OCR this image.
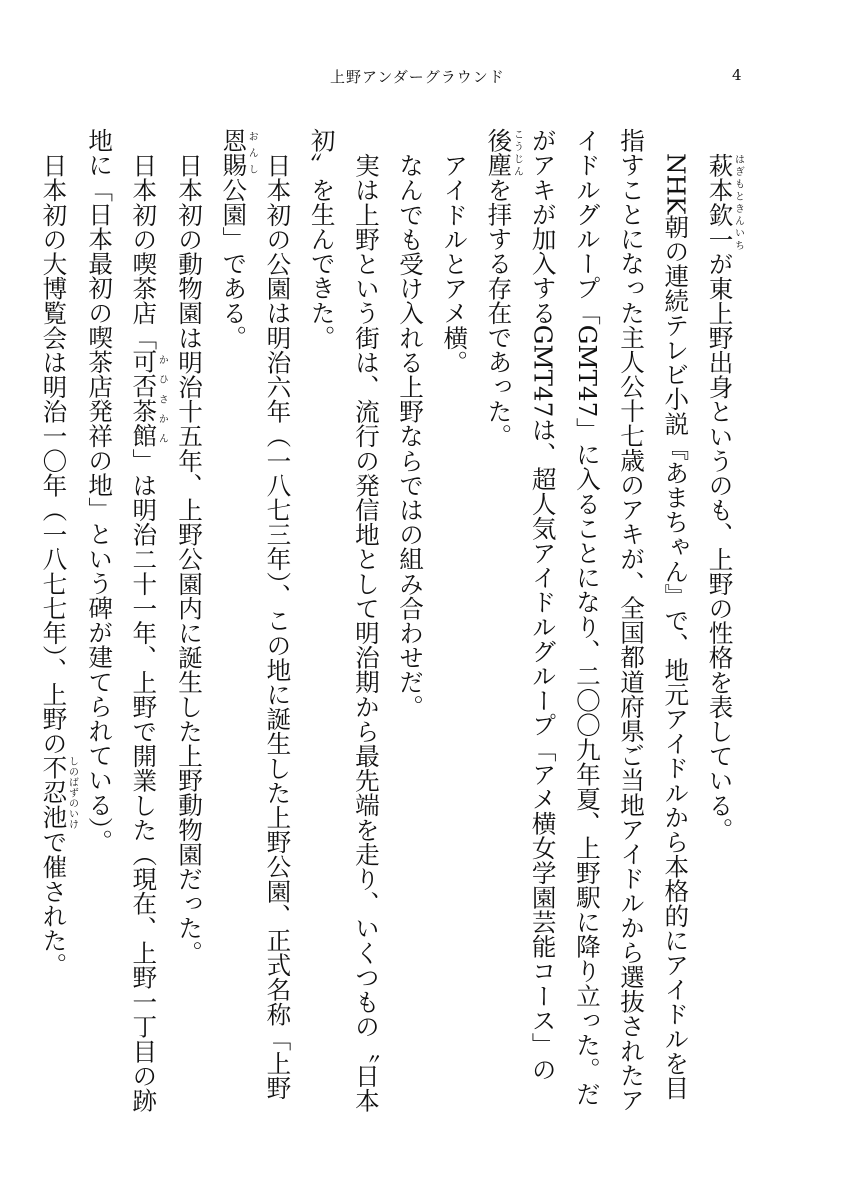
上野アンダーグラウンド	4

萩本欽一はぎもときんいちが東上野出身というのも、上野の性格を表している。

NHK朝の連続テレビ小説『あまちゃん』で、地元アイドルから本格的にアイドルを目指すことになった主人公十七歳のアキが、全国都道府県ご当地アイドルから選抜されたアイドルグループ「GMT47」に入ることになり、二〇〇九年夏、上野駅に降り立った。だがアキが加入するGMT47は、超人気アイドルグループ「アメ横女学園芸能コース」の後塵こうじんを拝する存在であった。

アイドルとアメ横。

なんでも受け入れる上野ならではの組み合わせだ。

実は上野という街は、流行の発信地として明治期から最先端を走り、いくつもの〝日本初〟を生んできた。

日本初の公園は明治六年（一八七三年）、この地に誕生した上野公園、正式名称「上野恩賜おんし公園」である。

日本初の動物園は明治十五年、上野公園内に誕生した上野動物園だった。

日本初の喫茶店「可否茶館かひさかん」は明治二十一年、上野で開業した（現在、上野一丁目の跡地に「日本最初の喫茶店発祥の地」という碑が建てられている）。

日本初の大博覧会は明治一〇年（一八七七年）、上野の不忍池しのばずのいけで催された。
